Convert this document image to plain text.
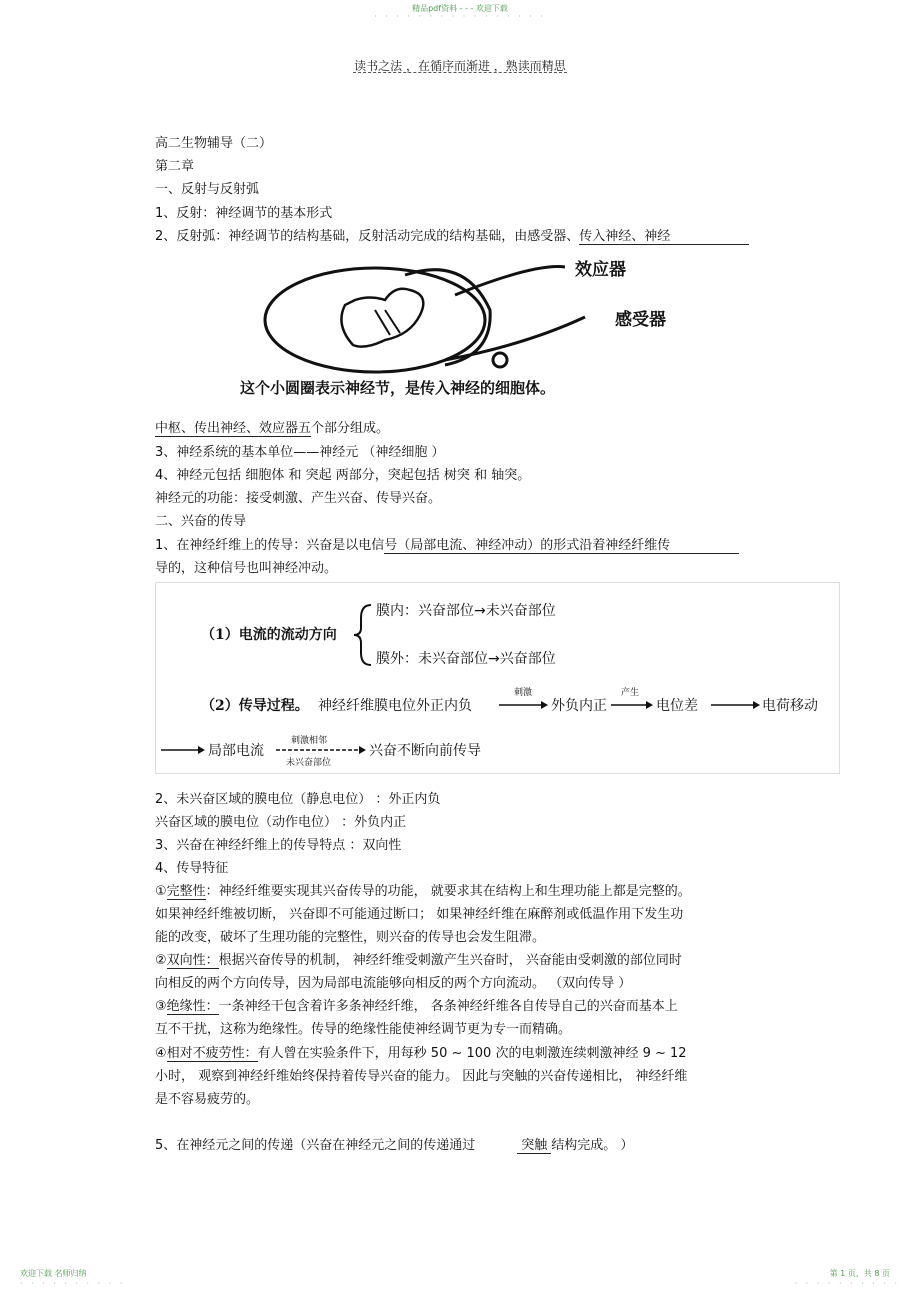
精品pdf资料 - - - 欢迎下载
· · · · · · · · · · · · · · · ·
读书之法 ，在循序而渐进 ，熟读而精思
高二生物辅导（二）
第二章
一、反射与反射弧
1、反射：神经调节的基本形式
2、反射弧：神经调节的结构基础，反射活动完成的结构基础，由感受器、传入神经、神经
效应器
感受器
这个小圆圈表示神经节，是传入神经的细胞体。
中枢、传出神经、效应器五个部分组成。
3、神经系统的基本单位——神经元 （神经细胞 ）
4、神经元包括 细胞体 和 突起 两部分，突起包括 树突 和 轴突。
神经元的功能：接受刺激、产生兴奋、传导兴奋。
二、兴奋的传导
1、在神经纤维上的传导：兴奋是以电信号（局部电流、神经冲动）的形式沿着神经纤维传
导的，这种信号也叫神经冲动。
（1）电流的流动方向
膜内：兴奋部位→未兴奋部位
膜外：未兴奋部位→兴奋部位
（2）传导过程。 神经纤维膜电位外正内负
刺激
外负内正
产生
电位差	电荷移动
局部电流
刺激相邻
未兴奋部位
兴奋不断向前传导
2、未兴奋区域的膜电位（静息电位） ：外正内负
兴奋区域的膜电位（动作电位） ：外负内正
3、兴奋在神经纤维上的传导特点 ：双向性
4、传导特征
①完整性：神经纤维要实现其兴奋传导的功能， 就要求其在结构上和生理功能上都是完整的。
如果神经纤维被切断， 兴奋即不可能通过断口； 如果神经纤维在麻醉剂或低温作用下发生功
能的改变，破坏了生理功能的完整性，则兴奋的传导也会发生阻滞。
②双向性：根据兴奋传导的机制， 神经纤维受刺激产生兴奋时， 兴奋能由受刺激的部位同时
向相反的两个方向传导，因为局部电流能够向相反的两个方向流动。 （双向传导 ）
③绝缘性：一条神经干包含着许多条神经纤维， 各条神经纤维各自传导自己的兴奋而基本上
互不干扰，这称为绝缘性。传导的绝缘性能使神经调节更为专一而精确。
④相对不疲劳性：有人曾在实验条件下，用每秒 50 ~ 100 次的电刺激连续刺激神经 9 ~ 12
小时， 观察到神经纤维始终保持着传导兴奋的能力。 因此与突触的兴奋传递相比， 神经纤维
是不容易疲劳的。
5、在神经元之间的传递（兴奋在神经元之间的传递通过	突触 结构完成。 ）
欢迎下载 名师归纳	第 1 页，共 8 页
· · · · · · · · · ·	· · · · · · · · · ·
